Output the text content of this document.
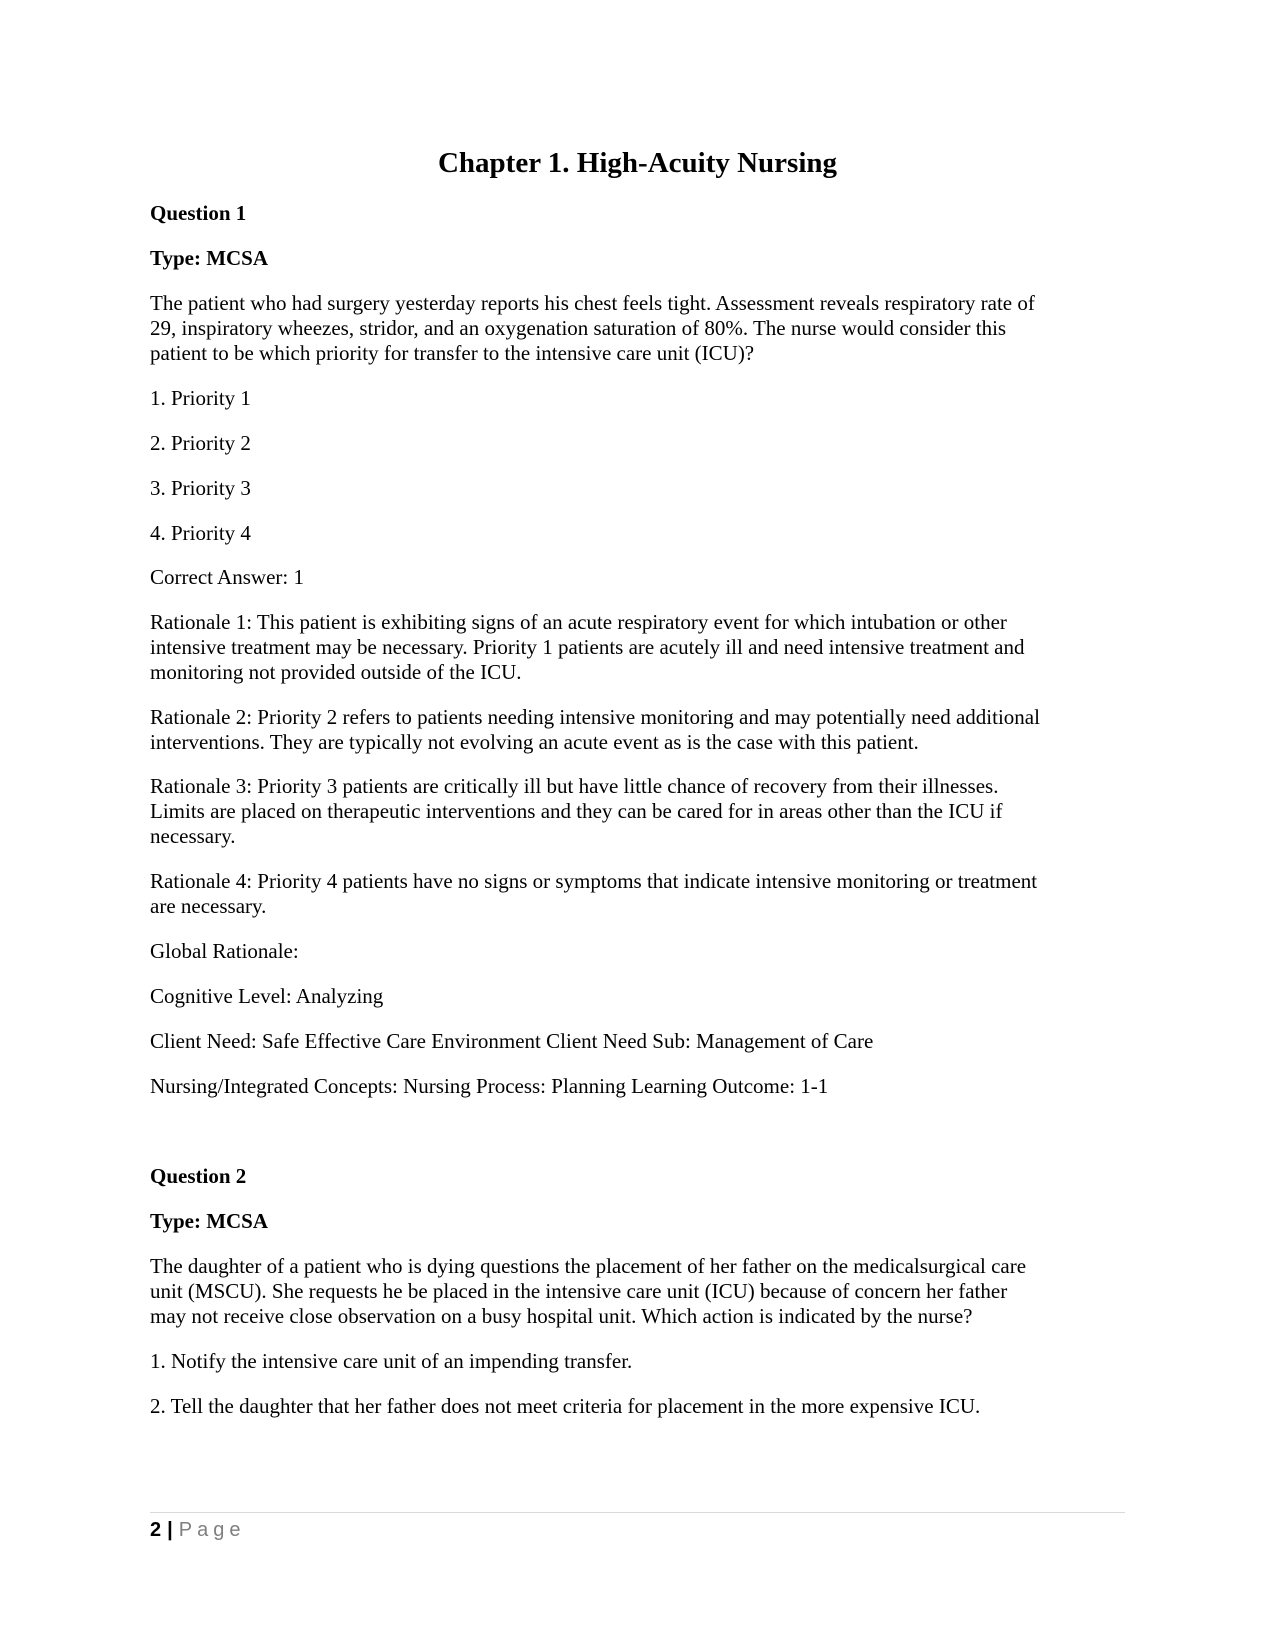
Chapter 1. High-Acuity Nursing

Question 1

Type: MCSA

The patient who had surgery yesterday reports his chest feels tight. Assessment reveals respiratory rate of

29, inspiratory wheezes, stridor, and an oxygenation saturation of 80%. The nurse would consider this

patient to be which priority for transfer to the intensive care unit (ICU)?

1. Priority 1

2. Priority 2

3. Priority 3

4. Priority 4

Correct Answer: 1

Rationale 1: This patient is exhibiting signs of an acute respiratory event for which intubation or other

intensive treatment may be necessary. Priority 1 patients are acutely ill and need intensive treatment and

monitoring not provided outside of the ICU.

Rationale 2: Priority 2 refers to patients needing intensive monitoring and may potentially need additional

interventions. They are typically not evolving an acute event as is the case with this patient.

Rationale 3: Priority 3 patients are critically ill but have little chance of recovery from their illnesses.

Limits are placed on therapeutic interventions and they can be cared for in areas other than the ICU if

necessary.

Rationale 4: Priority 4 patients have no signs or symptoms that indicate intensive monitoring or treatment

are necessary.

Global Rationale:

Cognitive Level: Analyzing

Client Need: Safe Effective Care Environment Client Need Sub: Management of Care

Nursing/Integrated Concepts: Nursing Process: Planning Learning Outcome: 1-1

Question 2

Type: MCSA

The daughter of a patient who is dying questions the placement of her father on the medicalsurgical care

unit (MSCU). She requests he be placed in the intensive care unit (ICU) because of concern her father

may not receive close observation on a busy hospital unit. Which action is indicated by the nurse?

1. Notify the intensive care unit of an impending transfer.

2. Tell the daughter that her father does not meet criteria for placement in the more expensive ICU.

2 | Page
